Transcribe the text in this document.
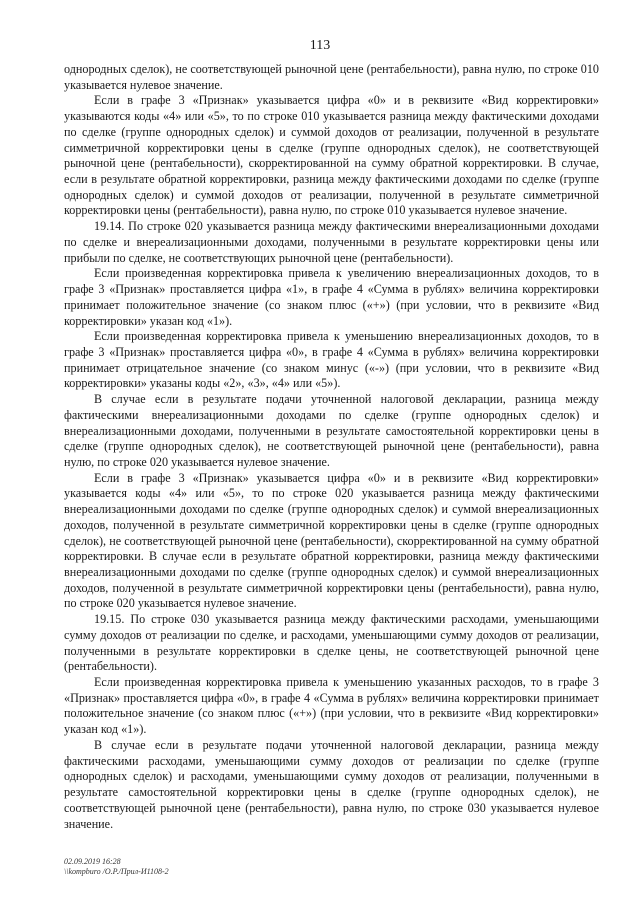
113

однородных сделок), не соответствующей рыночной цене (рентабельности), равна нулю, по строке 010 указывается нулевое значение.

Если в графе 3 «Признак» указывается цифра «0» и в реквизите «Вид корректировки» указываются коды «4» или «5», то по строке 010 указывается разница между фактическими доходами по сделке (группе однородных сделок) и суммой доходов от реализации, полученной в результате симметричной корректировки цены в сделке (группе однородных сделок), не соответствующей рыночной цене (рентабельности), скорректированной на сумму обратной корректировки. В случае, если в результате обратной корректировки, разница между фактическими доходами по сделке (группе однородных сделок) и суммой доходов от реализации, полученной в результате симметричной корректировки цены (рентабельности), равна нулю, по строке 010 указывается нулевое значение.

19.14. По строке 020 указывается разница между фактическими внереализационными доходами по сделке и внереализационными доходами, полученными в результате корректировки цены или прибыли по сделке, не соответствующих рыночной цене (рентабельности).

Если произведенная корректировка привела к увеличению внереализационных доходов, то в графе 3 «Признак» проставляется цифра «1», в графе 4 «Сумма в рублях» величина корректировки принимает положительное значение (со знаком плюс («+») (при условии, что в реквизите «Вид корректировки» указан код «1»).

Если произведенная корректировка привела к уменьшению внереализационных доходов, то в графе 3 «Признак» проставляется цифра «0», в графе 4 «Сумма в рублях» величина корректировки принимает отрицательное значение (со знаком минус («-») (при условии, что в реквизите «Вид корректировки» указаны коды «2», «3», «4» или «5»).

В случае если в результате подачи уточненной налоговой декларации, разница между фактическими внереализационными доходами по сделке (группе однородных сделок) и внереализационными доходами, полученными в результате самостоятельной корректировки цены в сделке (группе однородных сделок), не соответствующей рыночной цене (рентабельности), равна нулю, по строке 020 указывается нулевое значение.

Если в графе 3 «Признак» указывается цифра «0» и в реквизите «Вид корректировки» указывается коды «4» или «5», то по строке 020 указывается разница между фактическими внереализационными доходами по сделке (группе однородных сделок) и суммой внереализационных доходов, полученной в результате симметричной корректировки цены в сделке (группе однородных сделок), не соответствующей рыночной цене (рентабельности), скорректированной на сумму обратной корректировки. В случае если в результате обратной корректировки, разница между фактическими внереализационными доходами по сделке (группе однородных сделок) и суммой внереализационных доходов, полученной в результате симметричной корректировки цены (рентабельности), равна нулю, по строке 020 указывается нулевое значение.

19.15. По строке 030 указывается разница между фактическими расходами, уменьшающими сумму доходов от реализации по сделке, и расходами, уменьшающими сумму доходов от реализации, полученными в результате корректировки в сделке цены, не соответствующей рыночной цене (рентабельности).

Если произведенная корректировка привела к уменьшению указанных расходов, то в графе 3 «Признак» проставляется цифра «0», в графе 4 «Сумма в рублях» величина корректировки принимает положительное значение (со знаком плюс («+») (при условии, что в реквизите «Вид корректировки» указан код «1»).

В случае если в результате подачи уточненной налоговой декларации, разница между фактическими расходами, уменьшающими сумму доходов от реализации по сделке (группе однородных сделок) и расходами, уменьшающими сумму доходов от реализации, полученными в результате самостоятельной корректировки цены в сделке (группе однородных сделок), не соответствующей рыночной цене (рентабельности), равна нулю, по строке 030 указывается нулевое значение.

02.09.2019 16:28
\\kompburo /О.Р./Прил-И1108-2
